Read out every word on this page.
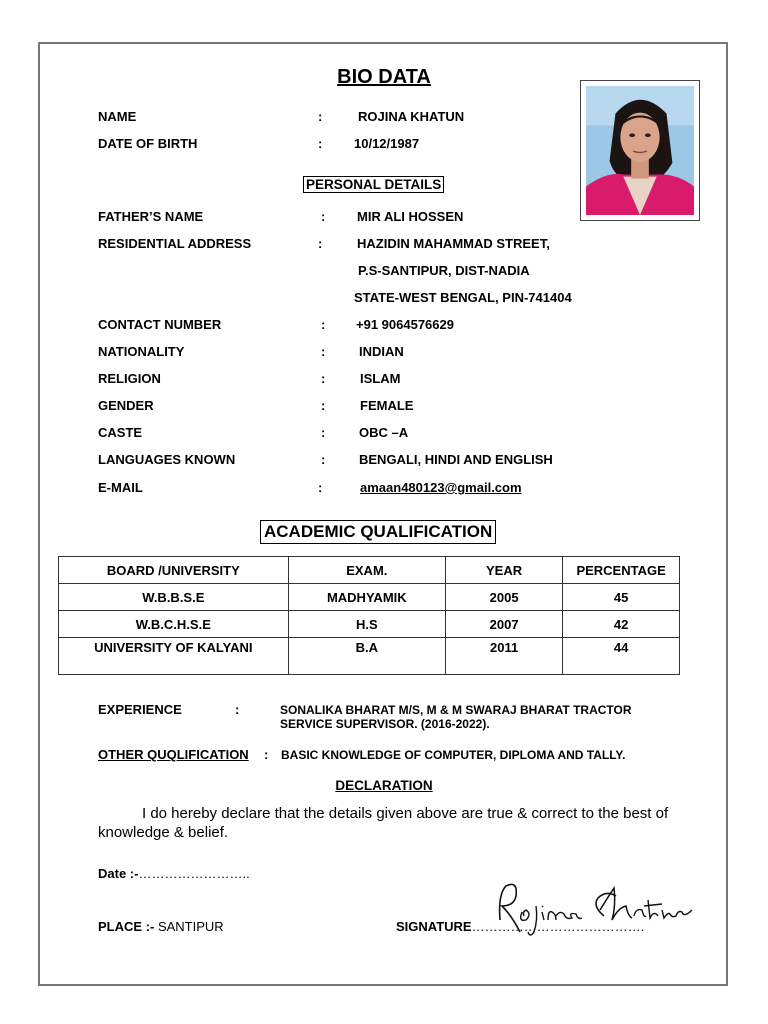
BIO DATA
NAME	:	ROJINA KHATUN
DATE OF BIRTH	: 10/12/1987
PERSONAL DETAILS
FATHER’S NAME	: MIR ALI HOSSEN
RESIDENTIAL ADDRESS	:	HAZIDIN MAHAMMAD STREET,
P.S-SANTIPUR, DIST-NADIA
STATE-WEST BENGAL, PIN-741404
CONTACT NUMBER	: +91 9064576629
NATIONALITY	:	INDIAN
RELIGION	:	ISLAM
GENDER	:	FEMALE
CASTE	:	OBC –A
LANGUAGES KNOWN	:	BENGALI, HINDI AND ENGLISH
E-MAIL	:	amaan480123@gmail.com
ACADEMIC QUALIFICATION
BOARD /UNIVERSITY	EXAM.	YEAR	PERCENTAGE
W.B.B.S.E	MADHYAMIK	2005	45
W.B.C.H.S.E	H.S	2007	42
UNIVERSITY OF KALYANI	B.A	2011	44
EXPERIENCE	:	SONALIKA BHARAT M/S, M & M SWARAJ BHARAT TRACTOR
SERVICE SUPERVISOR. (2016-2022).
OTHER QUQLIFICATION : BASIC KNOWLEDGE OF COMPUTER, DIPLOMA AND TALLY.
DECLARATION
I do hereby declare that the details given above are true & correct to the best of knowledge & belief.
Date :-……………………..
PLACE :- SANTIPUR	SIGNATURE………………………………….
